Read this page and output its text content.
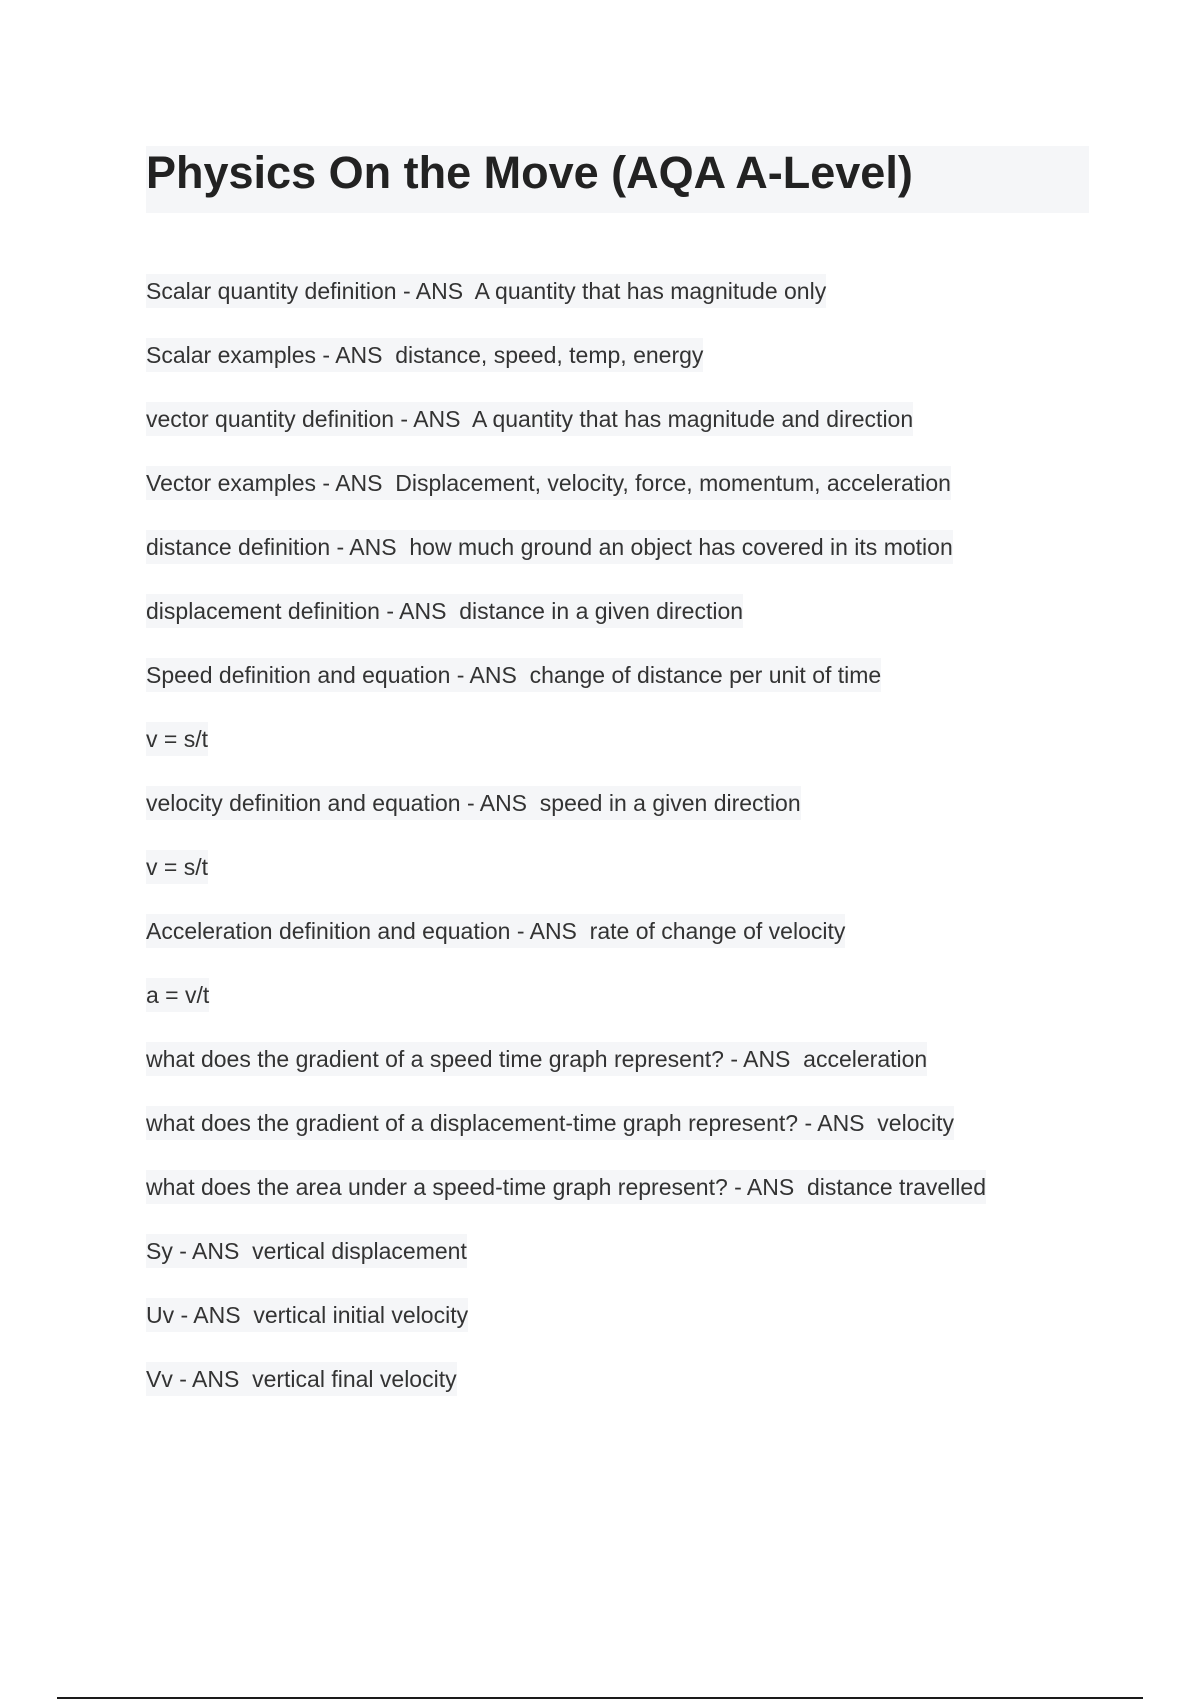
Physics On the Move (AQA A-Level)
Scalar quantity definition - ANS  A quantity that has magnitude only
Scalar examples - ANS  distance, speed, temp, energy
vector quantity definition - ANS  A quantity that has magnitude and direction
Vector examples - ANS  Displacement, velocity, force, momentum, acceleration
distance definition - ANS  how much ground an object has covered in its motion
displacement definition - ANS  distance in a given direction
Speed definition and equation - ANS  change of distance per unit of time
v = s/t
velocity definition and equation - ANS  speed in a given direction
v = s/t
Acceleration definition and equation - ANS  rate of change of velocity
a = v/t
what does the gradient of a speed time graph represent? - ANS  acceleration
what does the gradient of a displacement-time graph represent? - ANS  velocity
what does the area under a speed-time graph represent? - ANS  distance travelled
Sy - ANS  vertical displacement
Uv - ANS  vertical initial velocity
Vv - ANS  vertical final velocity
